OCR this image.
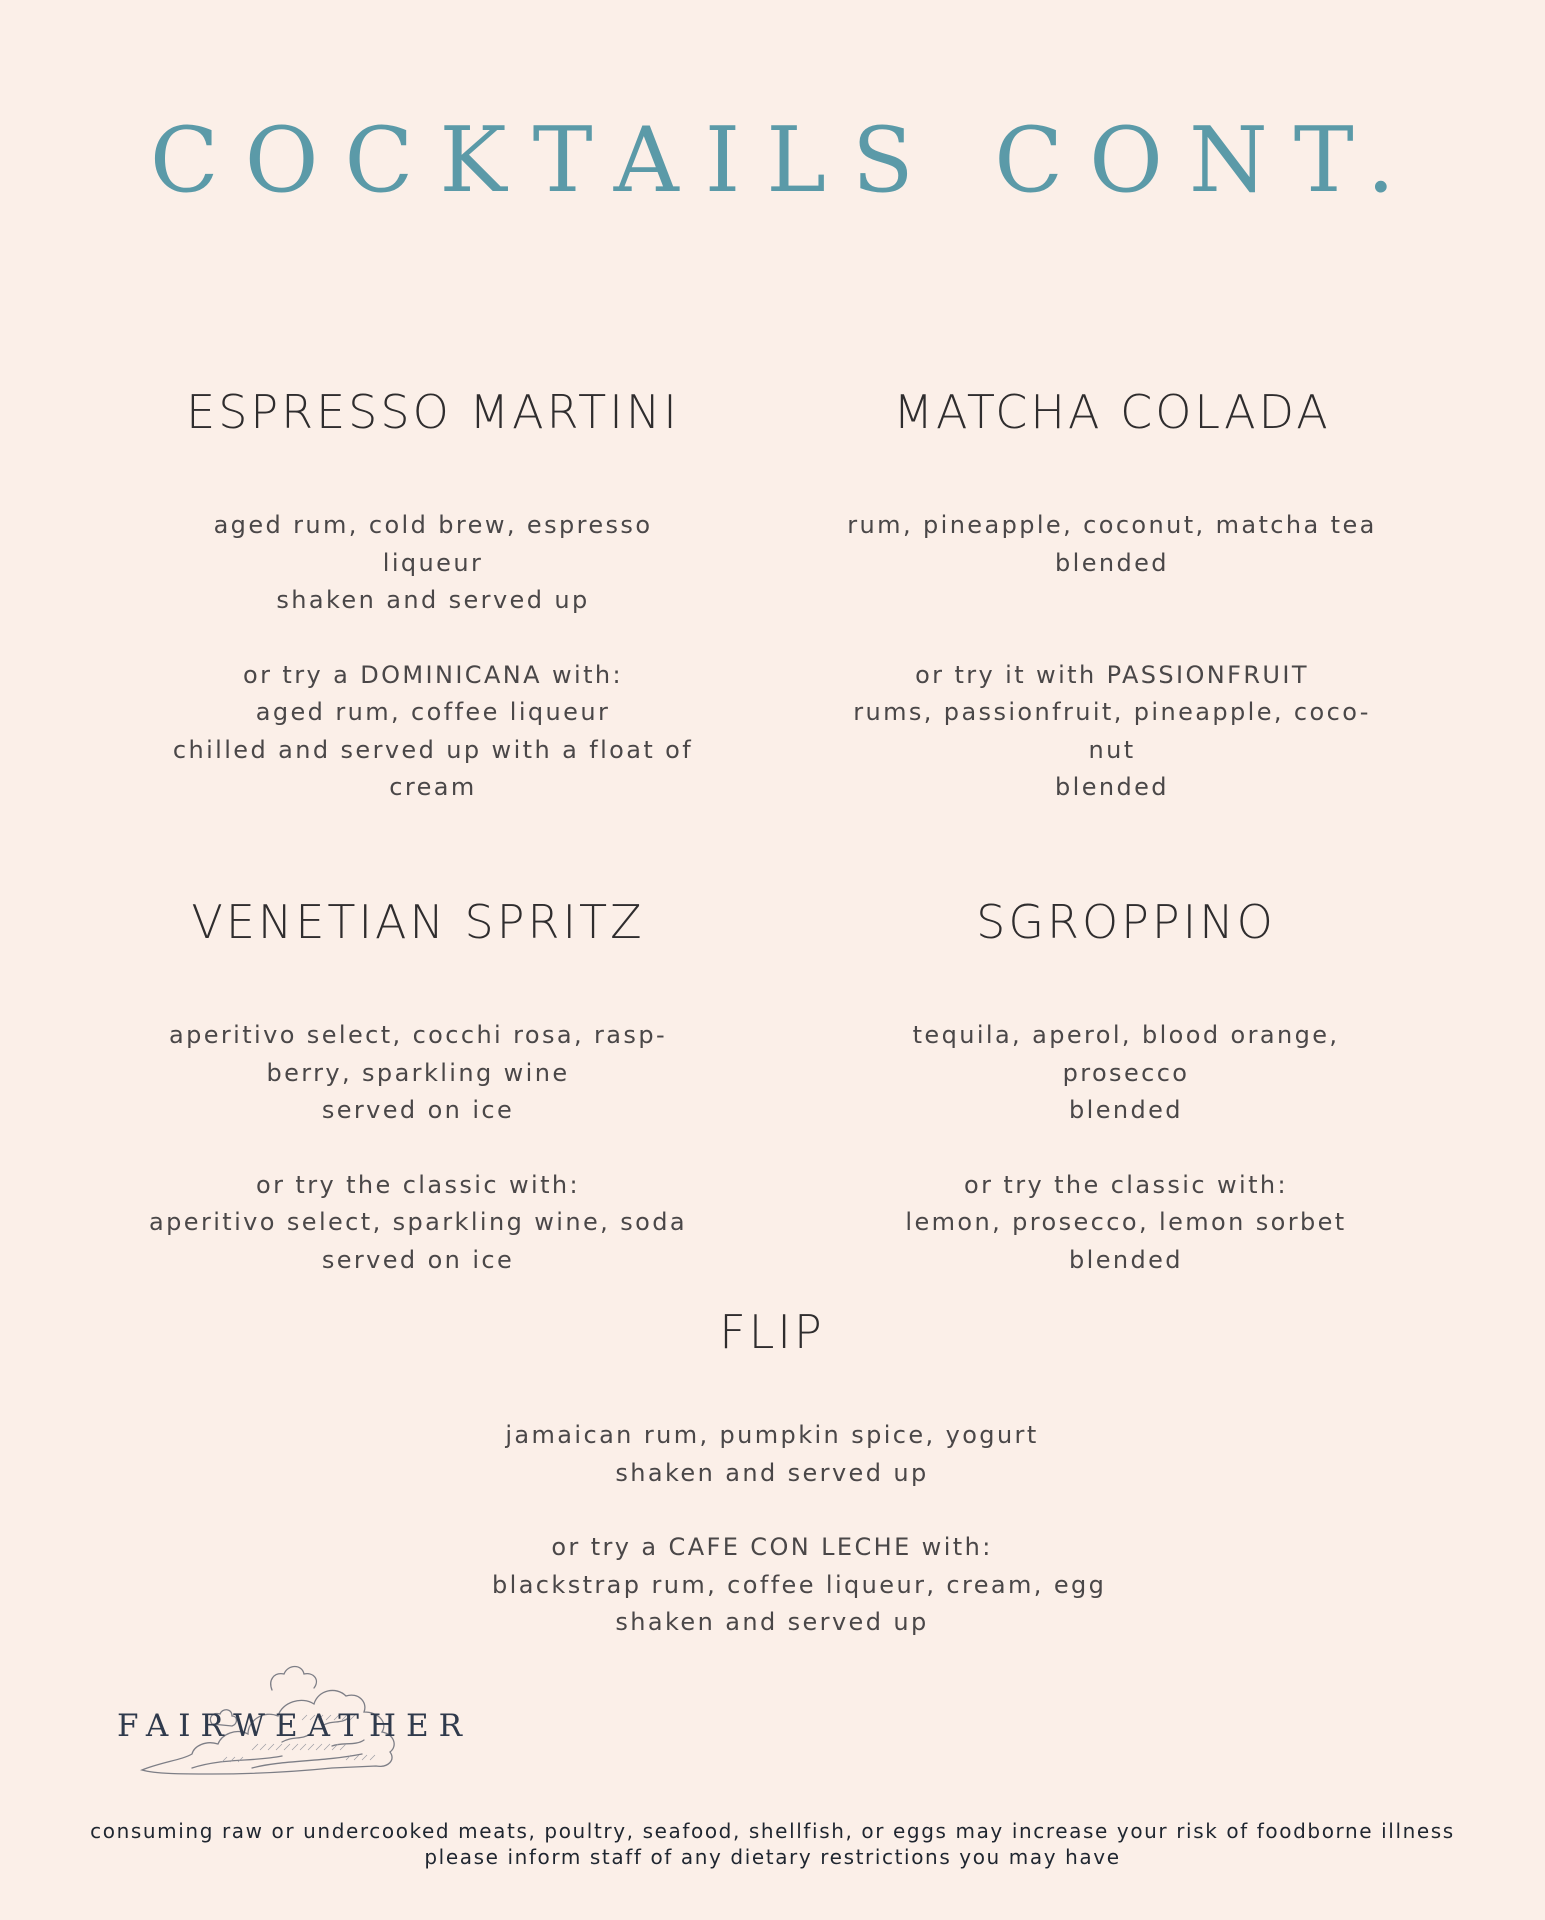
COCKTAILS CONT.
ESPRESSO MARTINI

aged rum, cold brew, espresso
liqueur
shaken and served up

or try a DOMINICANA with:
aged rum, coffee liqueur
chilled and served up with a float of
cream

MATCHA COLADA

rum, pineapple, coconut, matcha tea
blended

or try it with PASSIONFRUIT
rums, passionfruit, pineapple, coco-
nut
blended

VENETIAN SPRITZ

aperitivo select, cocchi rosa, rasp-
berry, sparkling wine
served on ice

or try the classic with:
aperitivo select, sparkling wine, soda
served on ice

SGROPPINO

tequila, aperol, blood orange,
prosecco
blended

or try the classic with:
lemon, prosecco, lemon sorbet
blended

FLIP

jamaican rum, pumpkin spice, yogurt
shaken and served up

or try a CAFE CON LECHE with:
blackstrap rum, coffee liqueur, cream, egg
shaken and served up

FAIRWEATHER
consuming raw or undercooked meats, poultry, seafood, shellfish, or eggs may increase your risk of foodborne illness
please inform staff of any dietary restrictions you may have
